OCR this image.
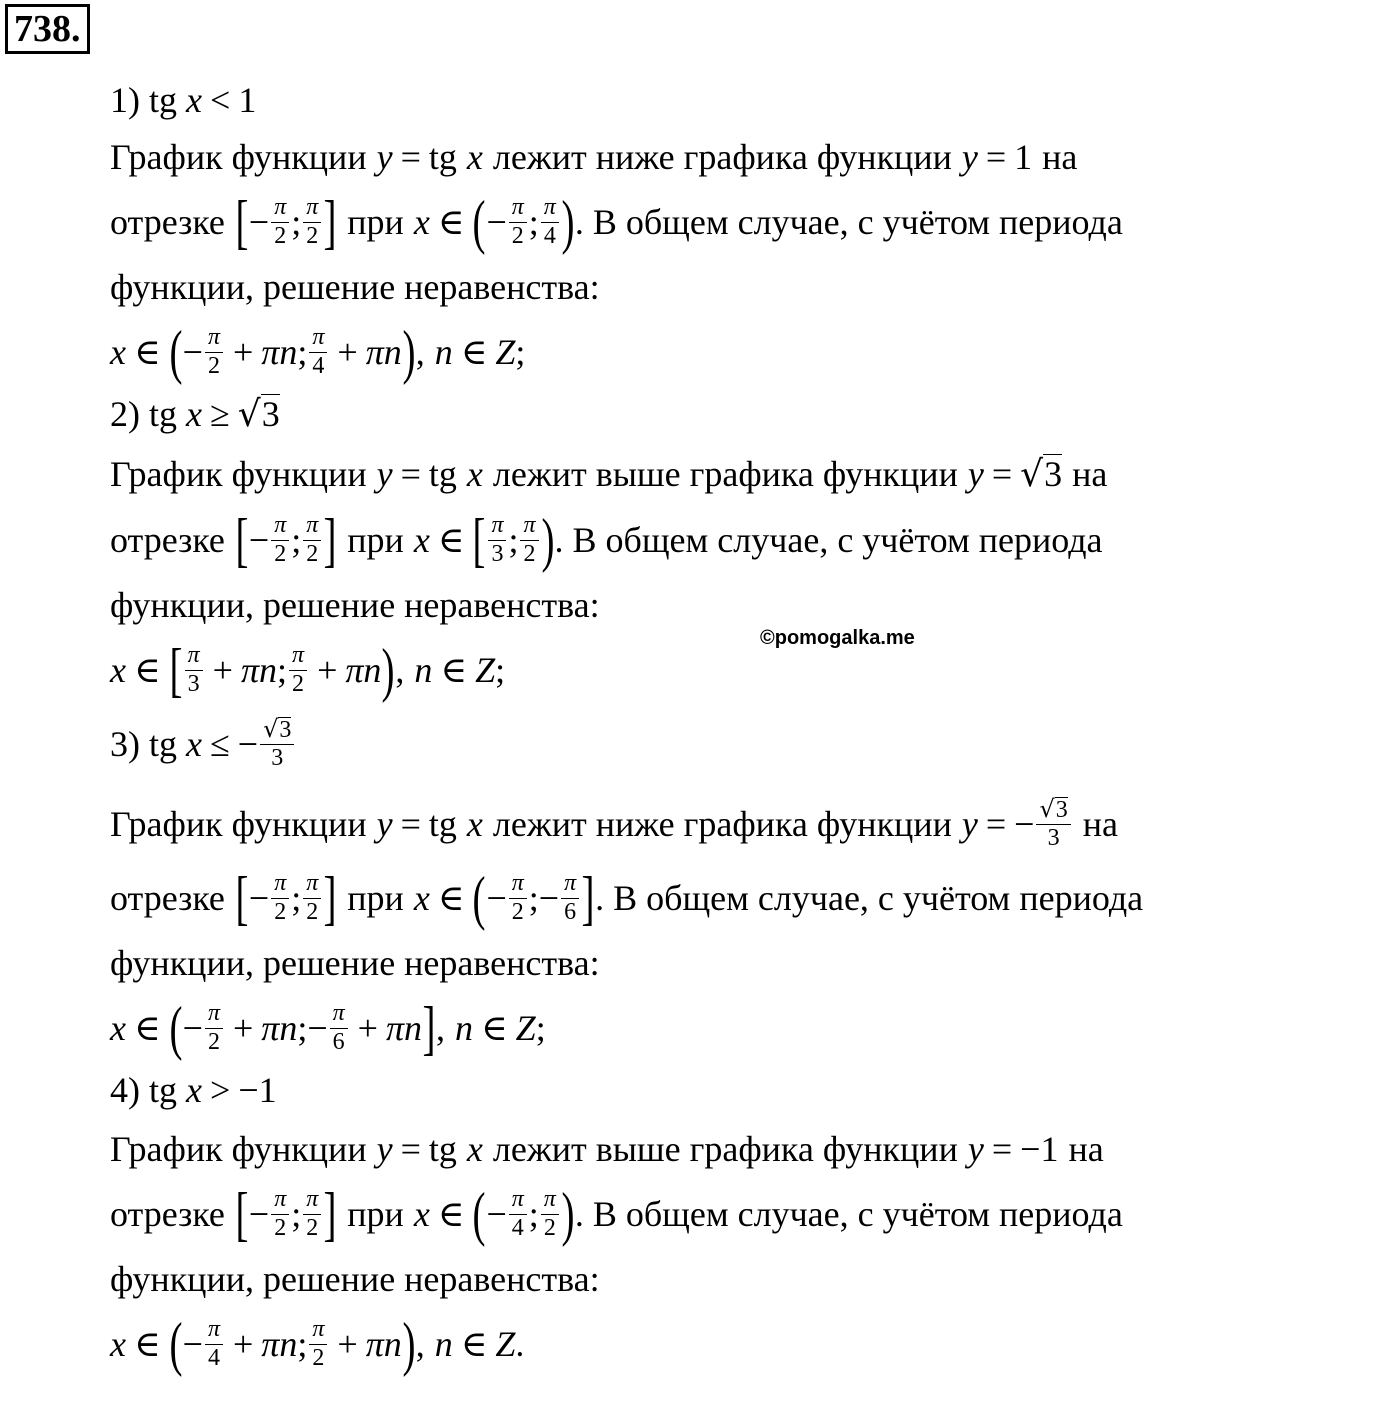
738.
1) tg x < 1
График функции y = tg x лежит ниже графика функции y = 1 на
отрезке [ − $\frac{\pi}{2}$ ; $\frac{\pi}{2}$ ] при x ∈ ( − $\frac{\pi}{2}$ ; $\frac{\pi}{4}$ ) . В общем случае, с учётом периода
функции, решение неравенства:
x ∈ ( − $\frac{\pi}{2} + \pi n$ ; $\frac{\pi}{4} + \pi n$ ) , n ∈ Z ;
2) tg x ≥ √ 3
График функции y = tg x лежит выше графика функции y = √ 3 на
отрезке [ − $\frac{\pi}{2}$ ; $\frac{\pi}{2}$ ] при x ∈ [ $\frac{\pi}{3}$ ; $\frac{\pi}{2}$ ) . В общем случае, с учётом периода
функции, решение неравенства:
x ∈ [ $\frac{\pi}{3} + \pi n$ ; $\frac{\pi}{2} + \pi n$ ) , n ∈ Z ;
3) tg x ≤ − $\frac{√3}{3}$
График функции y = tg x лежит ниже графика функции y = − $\frac{√3}{3}$ на
отрезке [ − $\frac{\pi}{2}$ ; $\frac{\pi}{2}$ ] при x ∈ ( − $\frac{\pi}{2}$ ;− $\frac{\pi}{6}$ ] . В общем случае, с учётом периода
функции, решение неравенства:
x ∈ ( − $\frac{\pi}{2} + \pi n$ ;− $\frac{\pi}{6} + \pi n$ ] , n ∈ Z ;
4) tg x > −1
График функции y = tg x лежит выше графика функции y = −1 на
отрезке [ − $\frac{\pi}{2}$ ; $\frac{\pi}{2}$ ] при x ∈ ( − $\frac{\pi}{4}$ ; $\frac{\pi}{2}$ ) . В общем случае, с учётом периода
функции, решение неравенства:
x ∈ ( − $\frac{\pi}{4} + \pi n$ ; $\frac{\pi}{2} + \pi n$ ) , n ∈ Z .
©pomogalka.me
